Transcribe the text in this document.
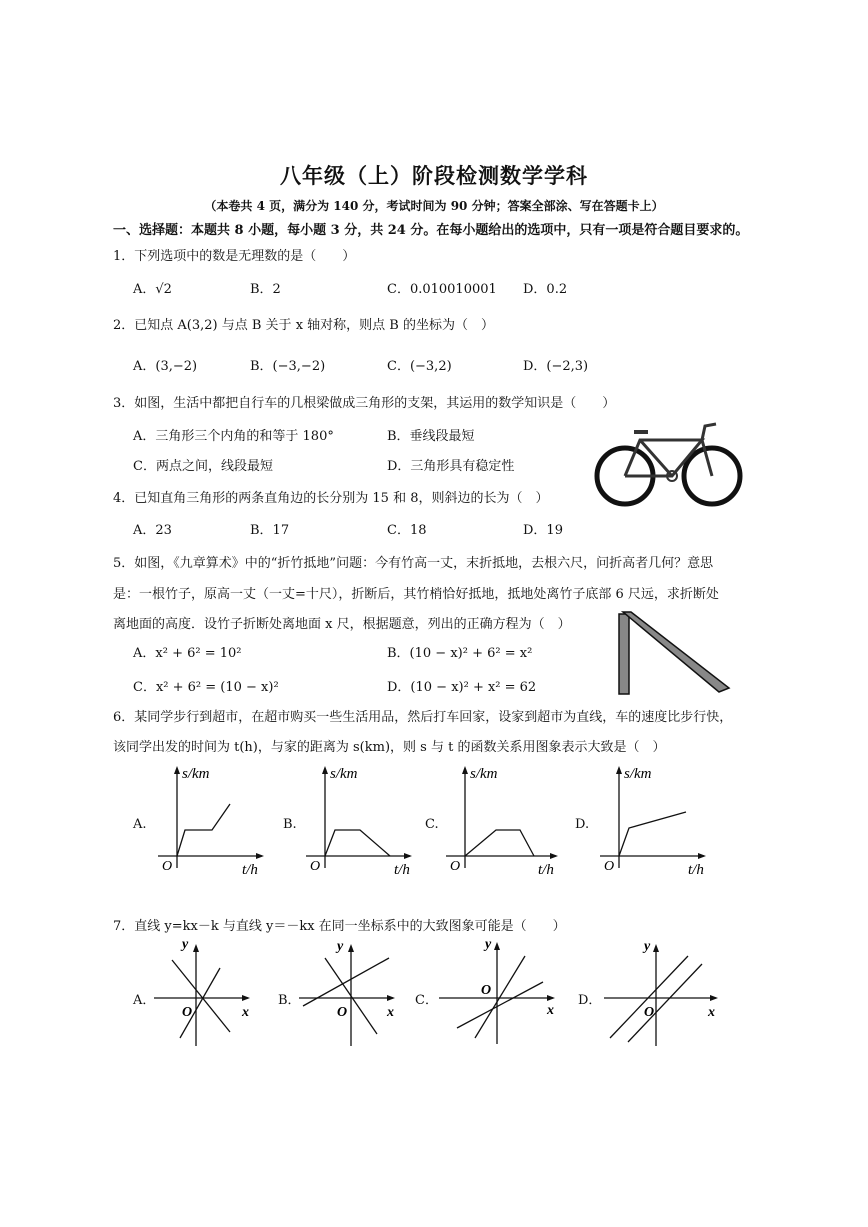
八年级（上）阶段检测数学学科
（本卷共 4 页，满分为 140 分，考试时间为 90 分钟；答案全部涂、写在答题卡上）
一、选择题：本题共 8 小题，每小题 3 分，共 24 分。在每小题给出的选项中，只有一项是符合题目要求的。
1．下列选项中的数是无理数的是（　　）
A．√2	B．2	C．0.010010001 D．0.2
2．已知点 A(3,2) 与点 B 关于 x 轴对称，则点 B 的坐标为（　）
A．(3,−2)	B．(−3,−2)	C．(−3,2)	D．(−2,3)
3．如图，生活中都把自行车的几根梁做成三角形的支架，其运用的数学知识是（　　）
A．三角形三个内角的和等于 180°	B．垂线段最短
C．两点之间，线段最短	D．三角形具有稳定性
4．已知直角三角形的两条直角边的长分别为 15 和 8，则斜边的长为（　）
A．23	B．17	C．18	D．19
5．如图，《九章算术》中的“折竹抵地”问题：今有竹高一丈，末折抵地，去根六尺，问折高者几何？意思
是：一根竹子，原高一丈（一丈=十尺），折断后，其竹梢恰好抵地，抵地处离竹子底部 6 尺远，求折断处
离地面的高度．设竹子折断处离地面 x 尺，根据题意，列出的正确方程为（　）
A．x² + 6² = 10²	B．(10 − x)² + 6² = x²
C．x² + 6² = (10 − x)²	D．(10 − x)² + x² = 62
6．某同学步行到超市，在超市购买一些生活用品，然后打车回家，设家到超市为直线，车的速度比步行快，
该同学出发的时间为 t(h)，与家的距离为 s(km)，则 s 与 t 的函数关系用图象表示大致是（　）
A.	B.	C.	D.
s/km
O	t/h
s/km
O	t/h
s/km
O	t/h
s/km
O	t/h
7．直线 y=kx－k 与直线 y＝－kx 在同一坐标系中的大致图象可能是（　　）
A．	B．	C．	D．
y
O	x
y
O	x
y
O
x
y
O	x
